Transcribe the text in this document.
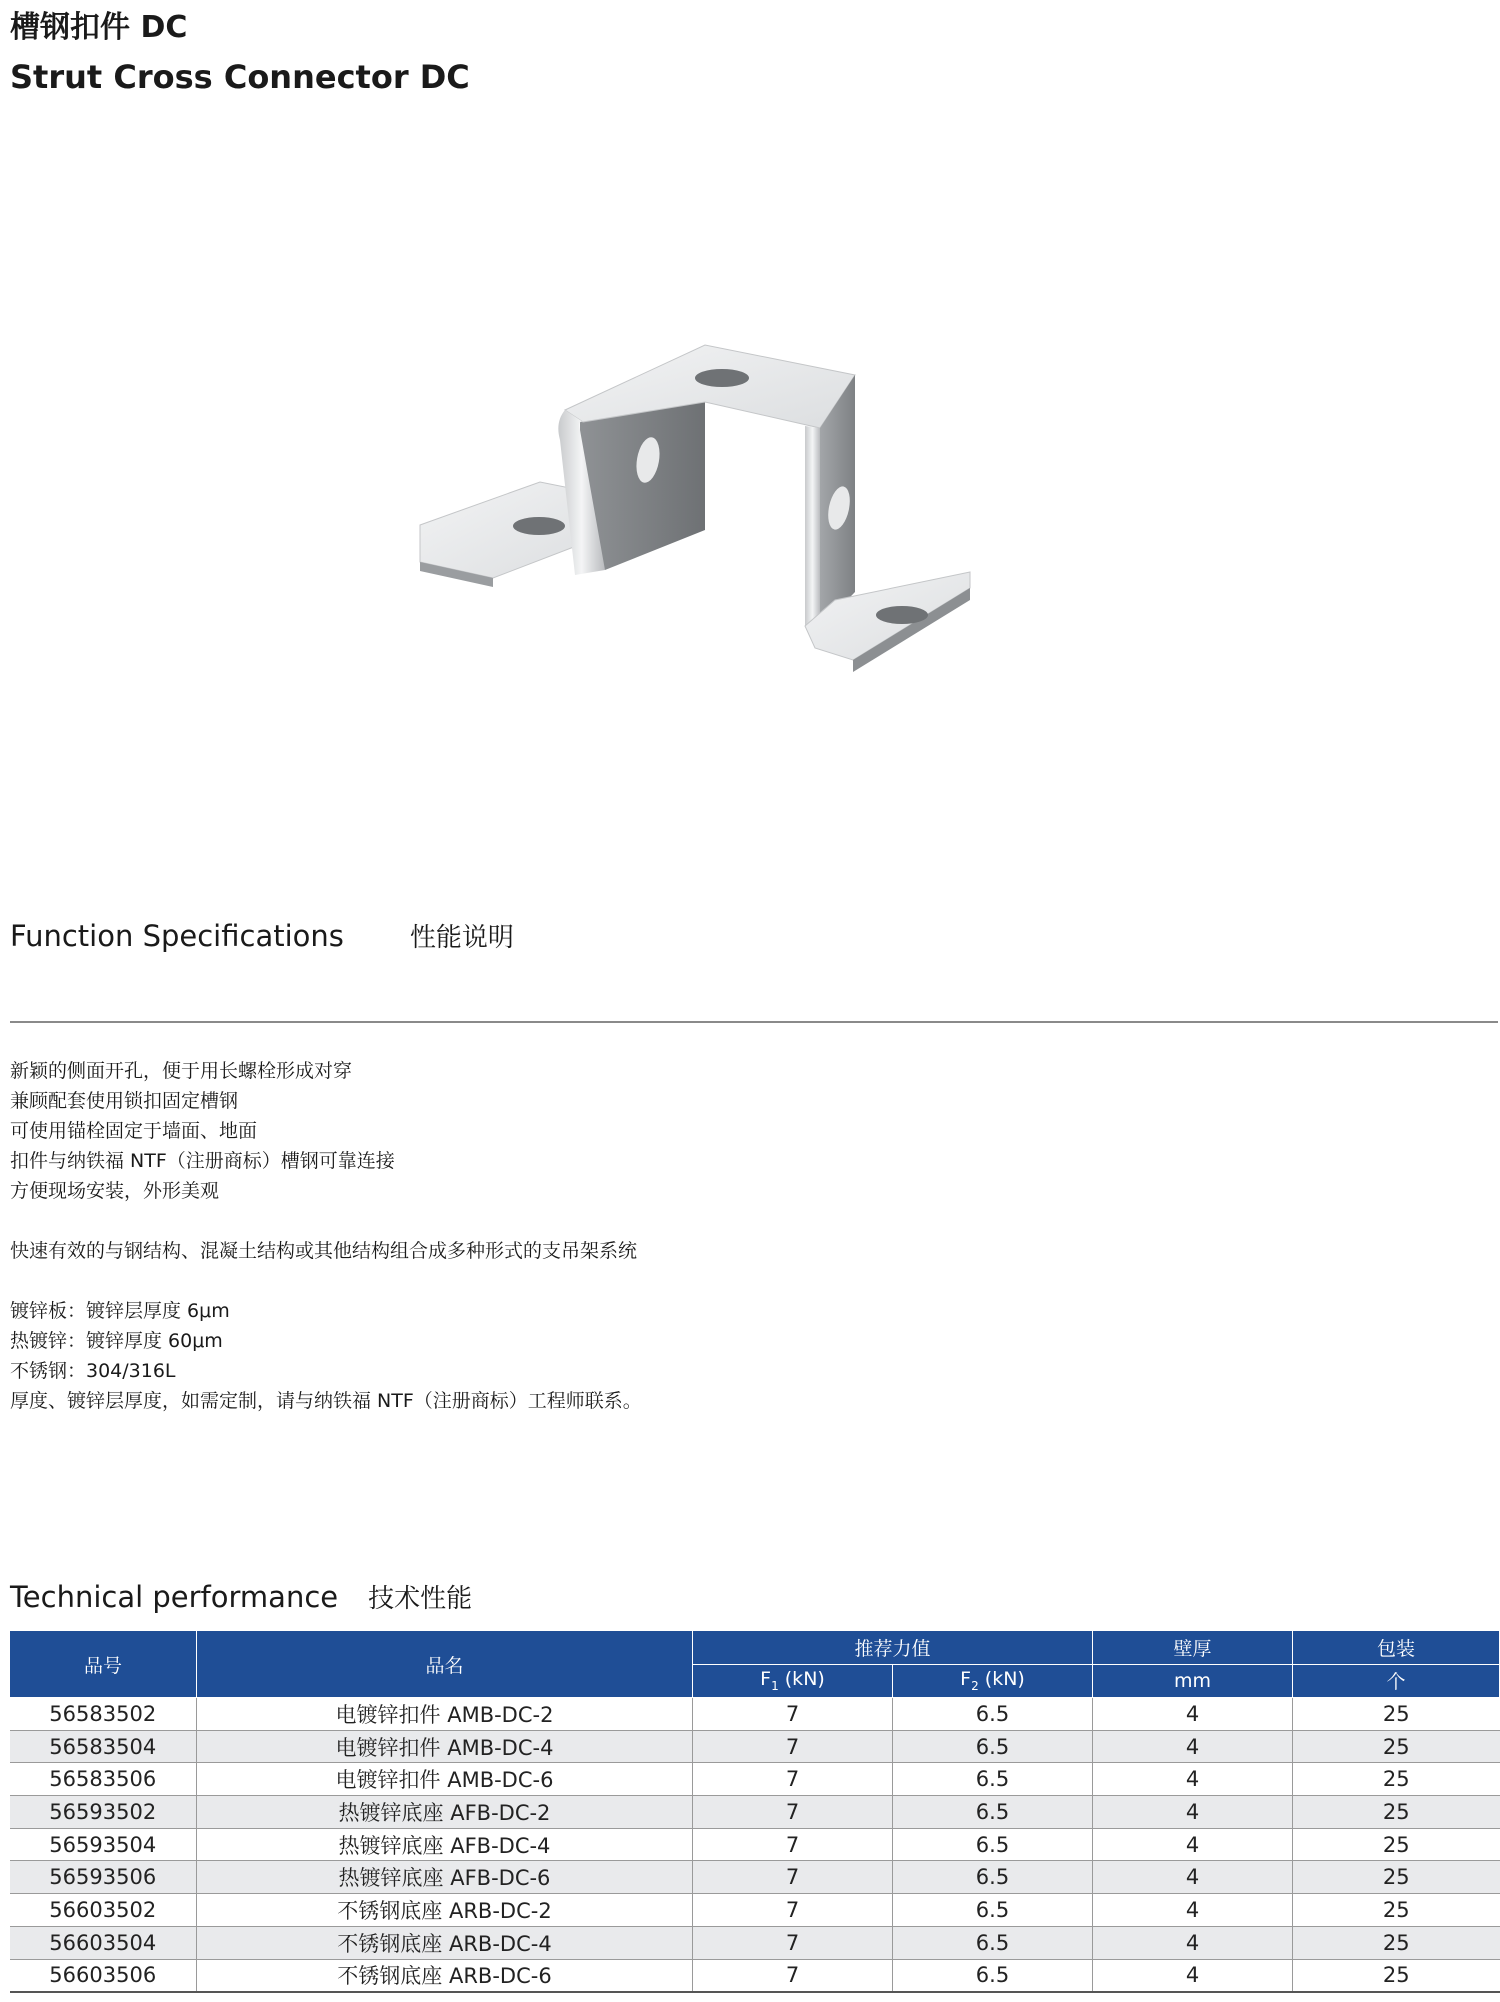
槽钢扣件 DC
Strut Cross Connector DC
Function Specifications	性能说明
新颖的侧面开孔，便于用长螺栓形成对穿
兼顾配套使用锁扣固定槽钢
可使用锚栓固定于墙面、地面
扣件与纳铁福 NTF（注册商标）槽钢可靠连接
方便现场安装，外形美观
快速有效的与钢结构、混凝土结构或其他结构组合成多种形式的支吊架系统
镀锌板：镀锌层厚度 6μm
热镀锌：镀锌厚度 60μm
不锈钢：304/316L
厚度、镀锌层厚度，如需定制，请与纳铁福 NTF（注册商标）工程师联系。
Technical performance 技术性能
品号	品名	推荐力值		壁厚	包装
		$F_1$ (kN)	$F_2$ (kN)	mm	个
56583502	电镀锌扣件 AMB-DC-2	7	6.5	4	25
56583504	电镀锌扣件 AMB-DC-4	7	6.5	4	25
56583506	电镀锌扣件 AMB-DC-6	7	6.5	4	25
56593502	热镀锌底座 AFB-DC-2	7	6.5	4	25
56593504	热镀锌底座 AFB-DC-4	7	6.5	4	25
56593506	热镀锌底座 AFB-DC-6	7	6.5	4	25
56603502	不锈钢底座 ARB-DC-2	7	6.5	4	25
56603504	不锈钢底座 ARB-DC-4	7	6.5	4	25
56603506	不锈钢底座 ARB-DC-6	7	6.5	4	25
